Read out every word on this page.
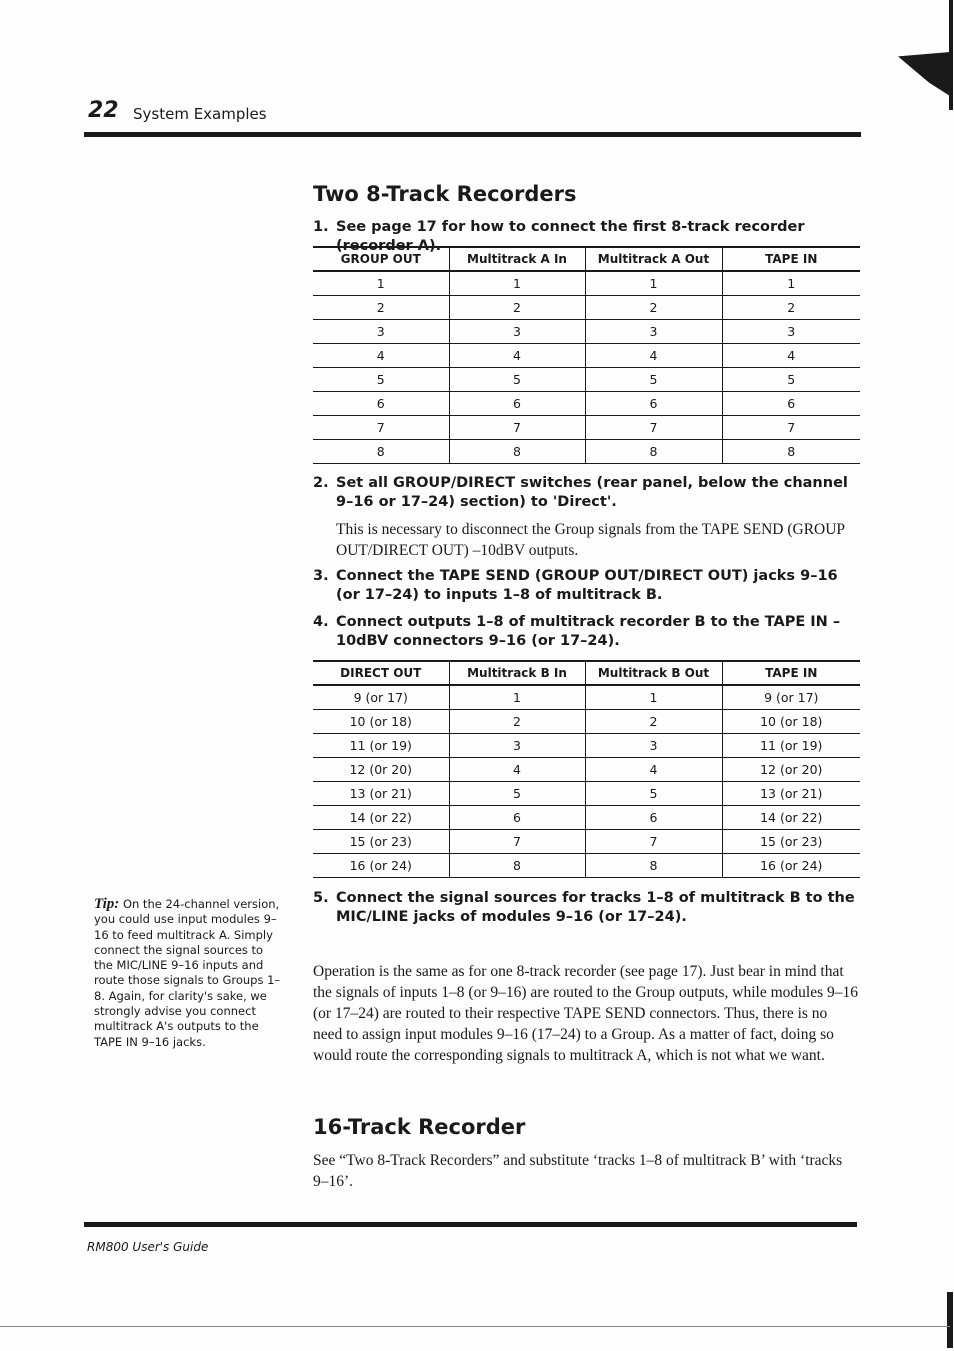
22 System Examples
Two 8-Track Recorders
1. See page 17 for how to connect the first 8-track recorder (recorder A).
GROUP OUT	Multitrack A In	Multitrack A Out	TAPE IN
1	1	1	1
2	2	2	2
3	3	3	3
4	4	4	4
5	5	5	5
6	6	6	6
7	7	7	7
8	8	8	8
2. Set all GROUP/DIRECT switches (rear panel, below the channel 9–16 or 17–24) section) to 'Direct'.
This is necessary to disconnect the Group signals from the TAPE SEND (GROUP OUT/DIRECT OUT) –10dBV outputs.
3. Connect the TAPE SEND (GROUP OUT/DIRECT OUT) jacks 9–16 (or 17–24) to inputs 1–8 of multitrack B.
4. Connect outputs 1–8 of multitrack recorder B to the TAPE IN –10dBV connectors 9–16 (or 17–24).
DIRECT OUT	Multitrack B In	Multitrack B Out	TAPE IN
9 (or 17)	1	1	9 (or 17)
10 (or 18)	2	2	10 (or 18)
11 (or 19)	3	3	11 (or 19)
12 (0r 20)	4	4	12 (or 20)
13 (or 21)	5	5	13 (or 21)
14 (or 22)	6	6	14 (or 22)
15 (or 23)	7	7	15 (or 23)
16 (or 24)	8	8	16 (or 24)
5. Connect the signal sources for tracks 1–8 of multitrack B to the MIC/LINE jacks of modules 9–16 (or 17–24).
Operation is the same as for one 8-track recorder (see page 17). Just bear in mind that the signals of inputs 1–8 (or 9–16) are routed to the Group outputs, while modules 9–16 (or 17–24) are routed to their respective TAPE SEND connectors. Thus, there is no need to assign input modules 9–16 (17–24) to a Group. As a matter of fact, doing so would route the corresponding signals to multitrack A, which is not what we want.
16-Track Recorder
See “Two 8-Track Recorders” and substitute ‘tracks 1–8 of multitrack B’ with ‘tracks 9–16’.
Tip: On the 24-channel version, you could use input modules 9–16 to feed multitrack A. Simply connect the signal sources to the MIC/LINE 9–16 inputs and route those signals to Groups 1–8. Again, for clarity's sake, we strongly advise you connect multitrack A's outputs to the TAPE IN 9–16 jacks.
RM800 User's Guide
